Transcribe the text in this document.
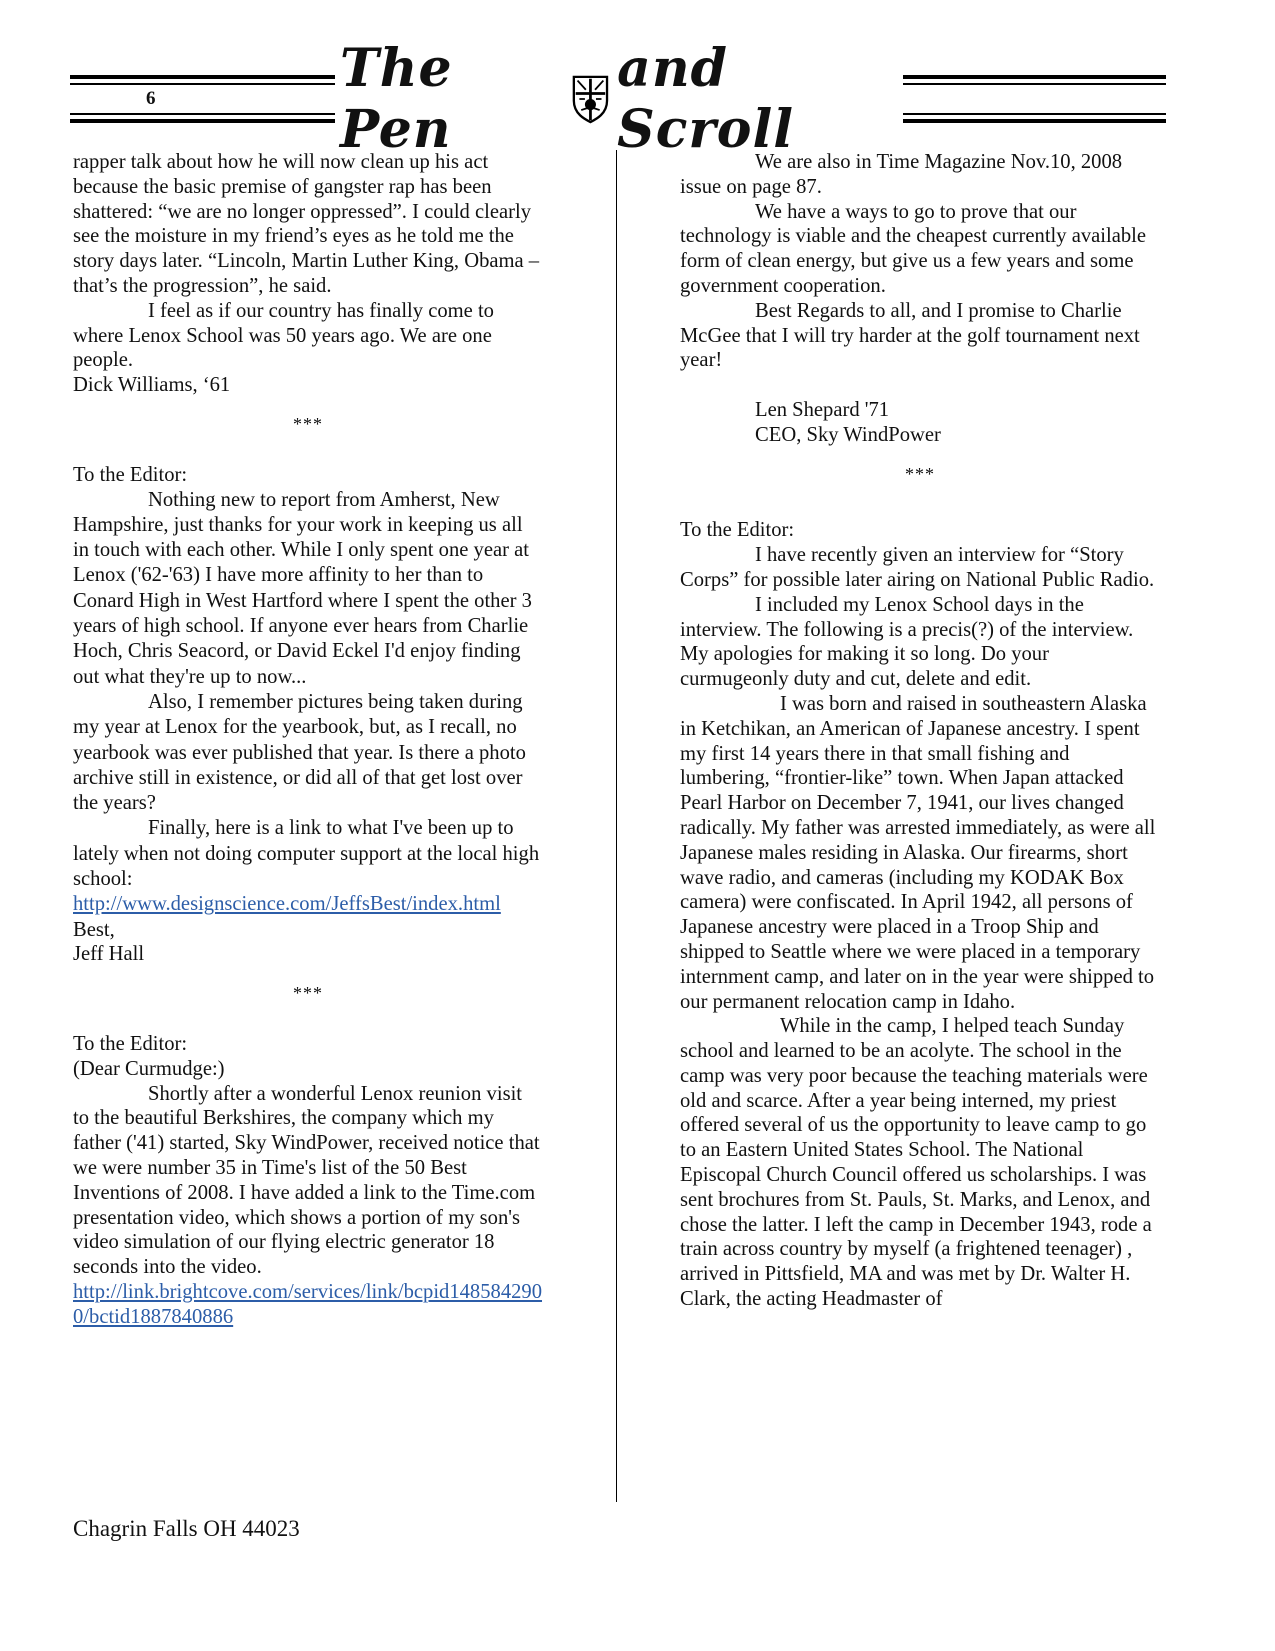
6	The Pen
and Scroll

rapper talk about how he will now clean up his act because the basic premise of gangster rap has been shattered: “we are no longer oppressed”. I could clearly see the moisture in my friend’s eyes as he told me the story days later. “Lincoln, Martin Luther King, Obama – that’s the progression”, he said.

I feel as if our country has finally come to where Lenox School was 50 years ago. We are one people.

Dick Williams, ‘61

***

To the Editor:

Nothing new to report from Amherst, New Hampshire, just thanks for your work in keeping us all in touch with each other. While I only spent one year at Lenox ('62-'63) I have more affinity to her than to Conard High in West Hartford where I spent the other 3 years of high school. If anyone ever hears from Charlie Hoch, Chris Seacord, or David Eckel I'd enjoy finding out what they're up to now...

Also, I remember pictures being taken during my year at Lenox for the yearbook, but, as I recall, no yearbook was ever published that year. Is there a photo archive still in existence, or did all of that get lost over the years?

Finally, here is a link to what I've been up to lately when not doing computer support at the local high school:

http://www.designscience.com/JeffsBest/index.html

Best,

Jeff Hall

***

To the Editor:

(Dear Curmudge:)

Shortly after a wonderful Lenox reunion visit to the beautiful Berkshires, the company which my father ('41) started, Sky WindPower, received notice that we were number 35 in Time's list of the 50 Best Inventions of 2008. I have added a link to the Time.com presentation video, which shows a portion of my son's video simulation of our flying electric generator 18 seconds into the video.

http://link.brightcove.com/services/link/bcpid1485842900/bctid1887840886

We are also in Time Magazine Nov.10, 2008 issue on page 87.

We have a ways to go to prove that our technology is viable and the cheapest currently available form of clean energy, but give us a few years and some government cooperation.

Best Regards to all, and I promise to Charlie McGee that I will try harder at the golf tournament next year!

Len Shepard '71

CEO, Sky WindPower

***

To the Editor:

I have recently given an interview for “Story Corps” for possible later airing on National Public Radio.

I included my Lenox School days in the interview. The following is a precis(?) of the interview. My apologies for making it so long. Do your curmugeonly duty and cut, delete and edit.

I was born and raised in southeastern Alaska in Ketchikan, an American of Japanese ancestry. I spent my first 14 years there in that small fishing and lumbering, “frontier-like” town. When Japan attacked Pearl Harbor on December 7, 1941, our lives changed radically. My father was arrested immediately, as were all Japanese males residing in Alaska. Our firearms, short wave radio, and cameras (including my KODAK Box camera) were confiscated. In April 1942, all persons of Japanese ancestry were placed in a Troop Ship and shipped to Seattle where we were placed in a temporary internment camp, and later on in the year were shipped to our permanent relocation camp in Idaho.

While in the camp, I helped teach Sunday school and learned to be an acolyte. The school in the camp was very poor because the teaching materials were old and scarce. After a year being interned, my priest offered several of us the opportunity to leave camp to go to an Eastern United States School. The National Episcopal Church Council offered us scholarships. I was sent brochures from St. Pauls, St. Marks, and Lenox, and chose the latter. I left the camp in December 1943, rode a train across country by myself (a frightened teenager) , arrived in Pittsfield, MA and was met by Dr. Walter H. Clark, the acting Headmaster of

Chagrin Falls OH 44023
